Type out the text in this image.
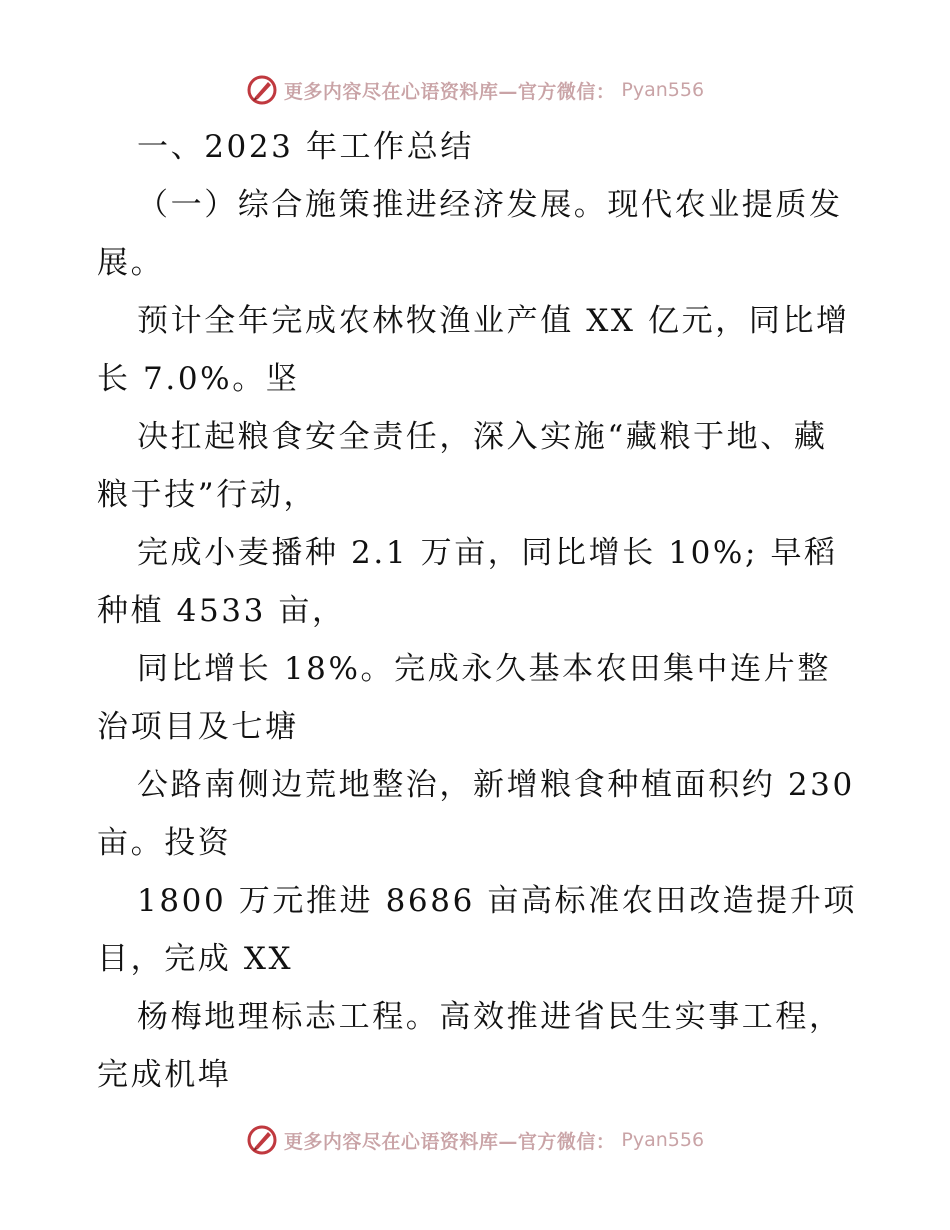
更多内容尽在心语资料库—官方微信： Pyan556

一、2023 年工作总结

（一）综合施策推进经济发展。现代农业提质发展。

预计全年完成农林牧渔业产值 XX 亿元，同比增长 7.0%。坚

决扛起粮食安全责任，深入实施“藏粮于地、藏粮于技”行动，

完成小麦播种 2.1 万亩，同比增长 10%; 早稻种植 4533 亩，

同比增长 18%。完成永久基本农田集中连片整治项目及七塘

公路南侧边荒地整治，新增粮食种植面积约 230 亩。投资

1800 万元推进 8686 亩高标准农田改造提升项目，完成 XX

杨梅地理标志工程。高效推进省民生实事工程，完成机埠

更多内容尽在心语资料库—官方微信： Pyan556
